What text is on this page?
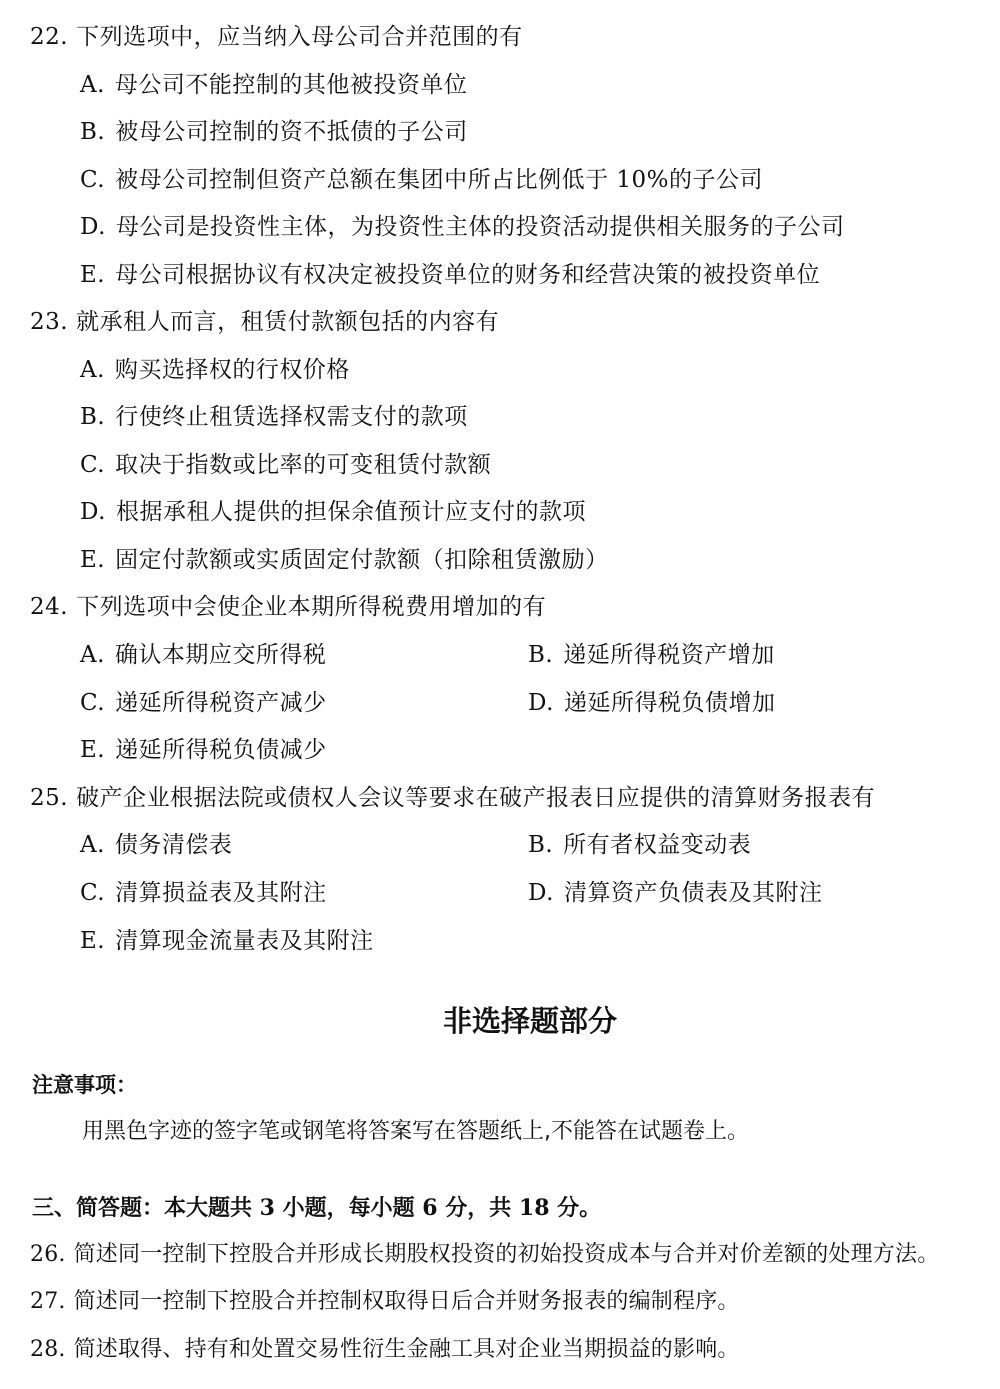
22. 下列选项中，应当纳入母公司合并范围的有
A. 母公司不能控制的其他被投资单位
B. 被母公司控制的资不抵债的子公司
C. 被母公司控制但资产总额在集团中所占比例低于 10%的子公司
D. 母公司是投资性主体，为投资性主体的投资活动提供相关服务的子公司
E. 母公司根据协议有权决定被投资单位的财务和经营决策的被投资单位
23. 就承租人而言，租赁付款额包括的内容有
A. 购买选择权的行权价格
B. 行使终止租赁选择权需支付的款项
C. 取决于指数或比率的可变租赁付款额
D. 根据承租人提供的担保余值预计应支付的款项
E. 固定付款额或实质固定付款额（扣除租赁激励）
24. 下列选项中会使企业本期所得税费用增加的有
A. 确认本期应交所得税	B. 递延所得税资产增加
C. 递延所得税资产减少	D. 递延所得税负债增加
E. 递延所得税负债减少
25. 破产企业根据法院或债权人会议等要求在破产报表日应提供的清算财务报表有
A. 债务清偿表	B. 所有者权益变动表
C. 清算损益表及其附注	D. 清算资产负债表及其附注
E. 清算现金流量表及其附注
非选择题部分
注意事项：
用黑色字迹的签字笔或钢笔将答案写在答题纸上,不能答在试题卷上。
三、简答题：本大题共 3 小题，每小题 6 分，共 18 分。
26. 简述同一控制下控股合并形成长期股权投资的初始投资成本与合并对价差额的处理方法。
27. 简述同一控制下控股合并控制权取得日后合并财务报表的编制程序。
28. 简述取得、持有和处置交易性衍生金融工具对企业当期损益的影响。
